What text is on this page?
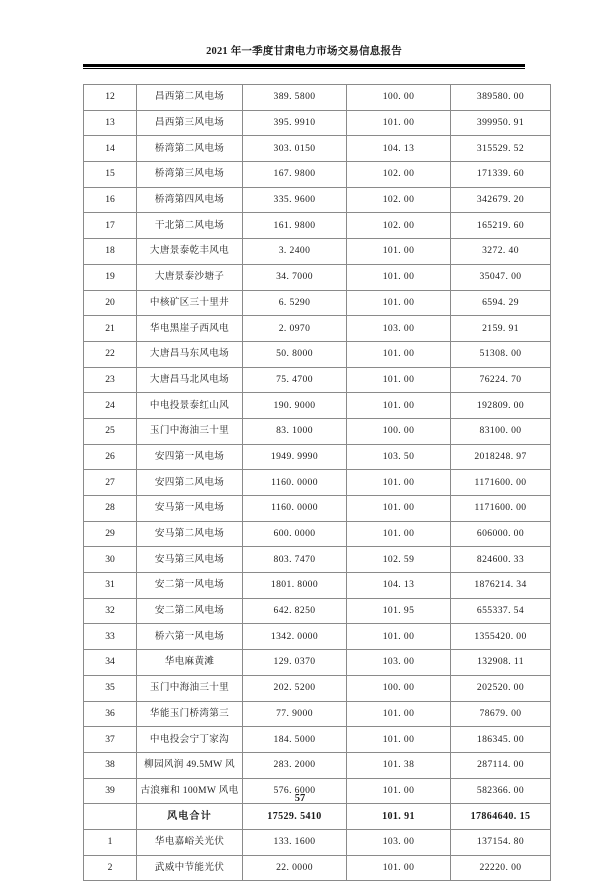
2021 年一季度甘肃电力市场交易信息报告
12	昌西第二风电场	389. 5800	100. 00	389580. 00
13	昌西第三风电场	395. 9910	101. 00	399950. 91
14	桥湾第二风电场	303. 0150	104. 13	315529. 52
15	桥湾第三风电场	167. 9800	102. 00	171339. 60
16	桥湾第四风电场	335. 9600	102. 00	342679. 20
17	干北第二风电场	161. 9800	102. 00	165219. 60
18	大唐景泰乾丰风电	3. 2400	101. 00	3272. 40
19	大唐景泰沙塘子	34. 7000	101. 00	35047. 00
20	中核矿区三十里井	6. 5290	101. 00	6594. 29
21	华电黑崖子西风电	2. 0970	103. 00	2159. 91
22	大唐昌马东风电场	50. 8000	101. 00	51308. 00
23	大唐昌马北风电场	75. 4700	101. 00	76224. 70
24	中电投景泰红山风	190. 9000	101. 00	192809. 00
25	玉门中海油三十里	83. 1000	100. 00	83100. 00
26	安四第一风电场	1949. 9990	103. 50	2018248. 97
27	安四第二风电场	1160. 0000	101. 00	1171600. 00
28	安马第一风电场	1160. 0000	101. 00	1171600. 00
29	安马第二风电场	600. 0000	101. 00	606000. 00
30	安马第三风电场	803. 7470	102. 59	824600. 33
31	安二第一风电场	1801. 8000	104. 13	1876214. 34
32	安二第二风电场	642. 8250	101. 95	655337. 54
33	桥六第一风电场	1342. 0000	101. 00	1355420. 00
34	华电麻黄滩	129. 0370	103. 00	132908. 11
35	玉门中海油三十里	202. 5200	100. 00	202520. 00
36	华能玉门桥湾第三	77. 9000	101. 00	78679. 00
37	中电投会宁丁家沟	184. 5000	101. 00	186345. 00
38	柳园风润 49.5MW 风	283. 2000	101. 38	287114. 00
39	古浪雍和 100MW 风电	576. 6000	101. 00	582366. 00
	风电合计	17529. 5410	101. 91	17864640. 15
1	华电嘉峪关光伏	133. 1600	103. 00	137154. 80
2	武威中节能光伏	22. 0000	101. 00	22220. 00
57
